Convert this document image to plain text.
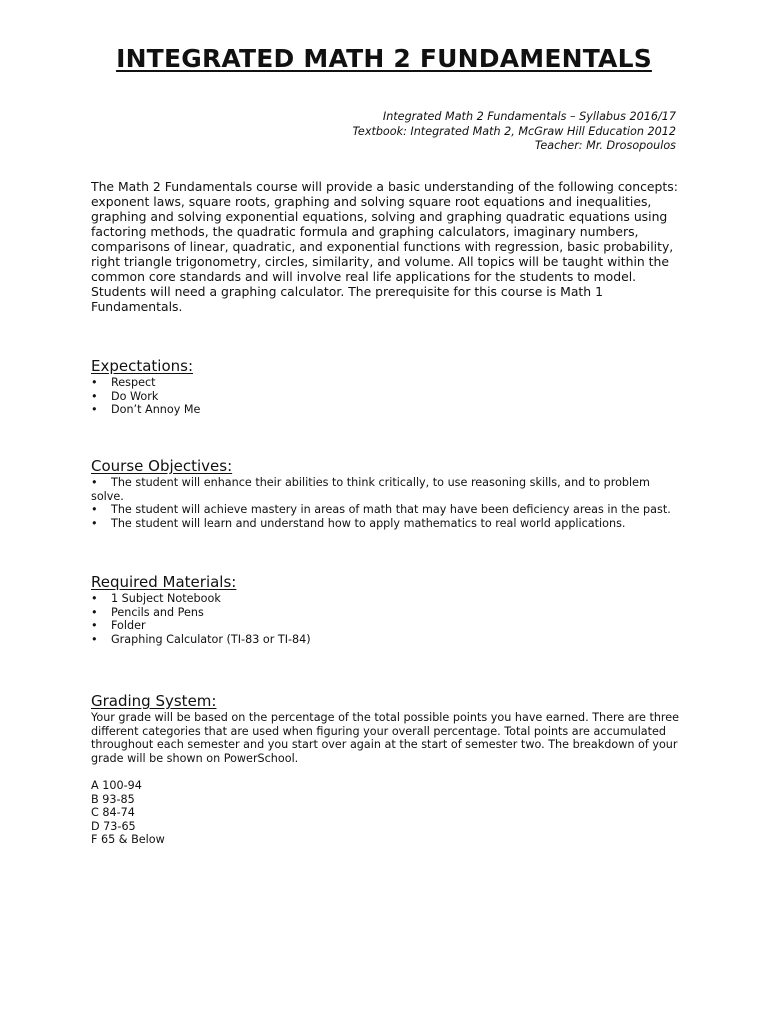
INTEGRATED MATH 2 FUNDAMENTALS
Integrated Math 2 Fundamentals – Syllabus 2016/17
Textbook: Integrated Math 2, McGraw Hill Education 2012
Teacher: Mr. Drosopoulos

The Math 2 Fundamentals course will provide a basic understanding of the following concepts: exponent laws, square roots, graphing and solving square root equations and inequalities, graphing and solving exponential equations, solving and graphing quadratic equations using factoring methods, the quadratic formula and graphing calculators, imaginary numbers, comparisons of linear, quadratic, and exponential functions with regression, basic probability, right triangle trigonometry, circles, similarity, and volume. All topics will be taught within the common core standards and will involve real life applications for the students to model. Students will need a graphing calculator. The prerequisite for this course is Math 1 Fundamentals.

Expectations:
• Respect
• Do Work
• Don’t Annoy Me
Course Objectives:
• The student will enhance their abilities to think critically, to use reasoning skills, and to problem solve.
• The student will achieve mastery in areas of math that may have been deficiency areas in the past.
• The student will learn and understand how to apply mathematics to real world applications.
Required Materials:
• 1 Subject Notebook
• Pencils and Pens
• Folder
• Graphing Calculator (TI-83 or TI-84)
Grading System:

Your grade will be based on the percentage of the total possible points you have earned. There are three different categories that are used when figuring your overall percentage. Total points are accumulated throughout each semester and you start over again at the start of semester two. The breakdown of your grade will be shown on PowerSchool.

A 100-94
B 93-85
C 84-74
D 73-65
F 65 & Below
